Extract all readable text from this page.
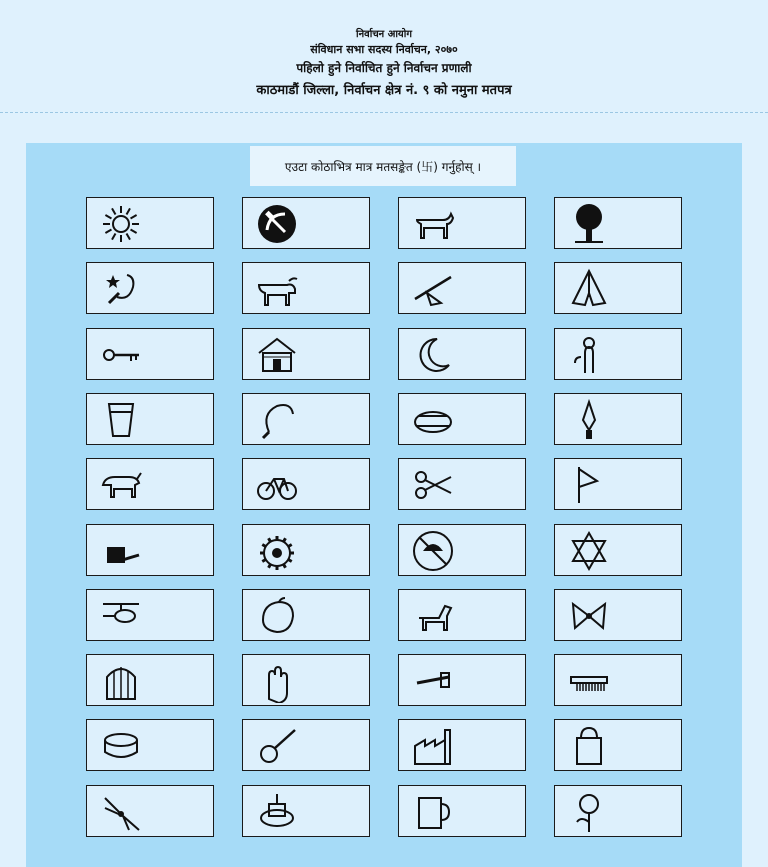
निर्वाचन आयोग
संविधान सभा सदस्य निर्वाचन, २०७०
पहिलो हुने निर्वाचित हुने निर्वाचन प्रणाली
काठमाडौं जिल्ला, निर्वाचन क्षेत्र नं. ९ को नमुना मतपत्र
एउटा कोठाभित्र मात्र मतसङ्केत (卐) गर्नुहोस् ।
